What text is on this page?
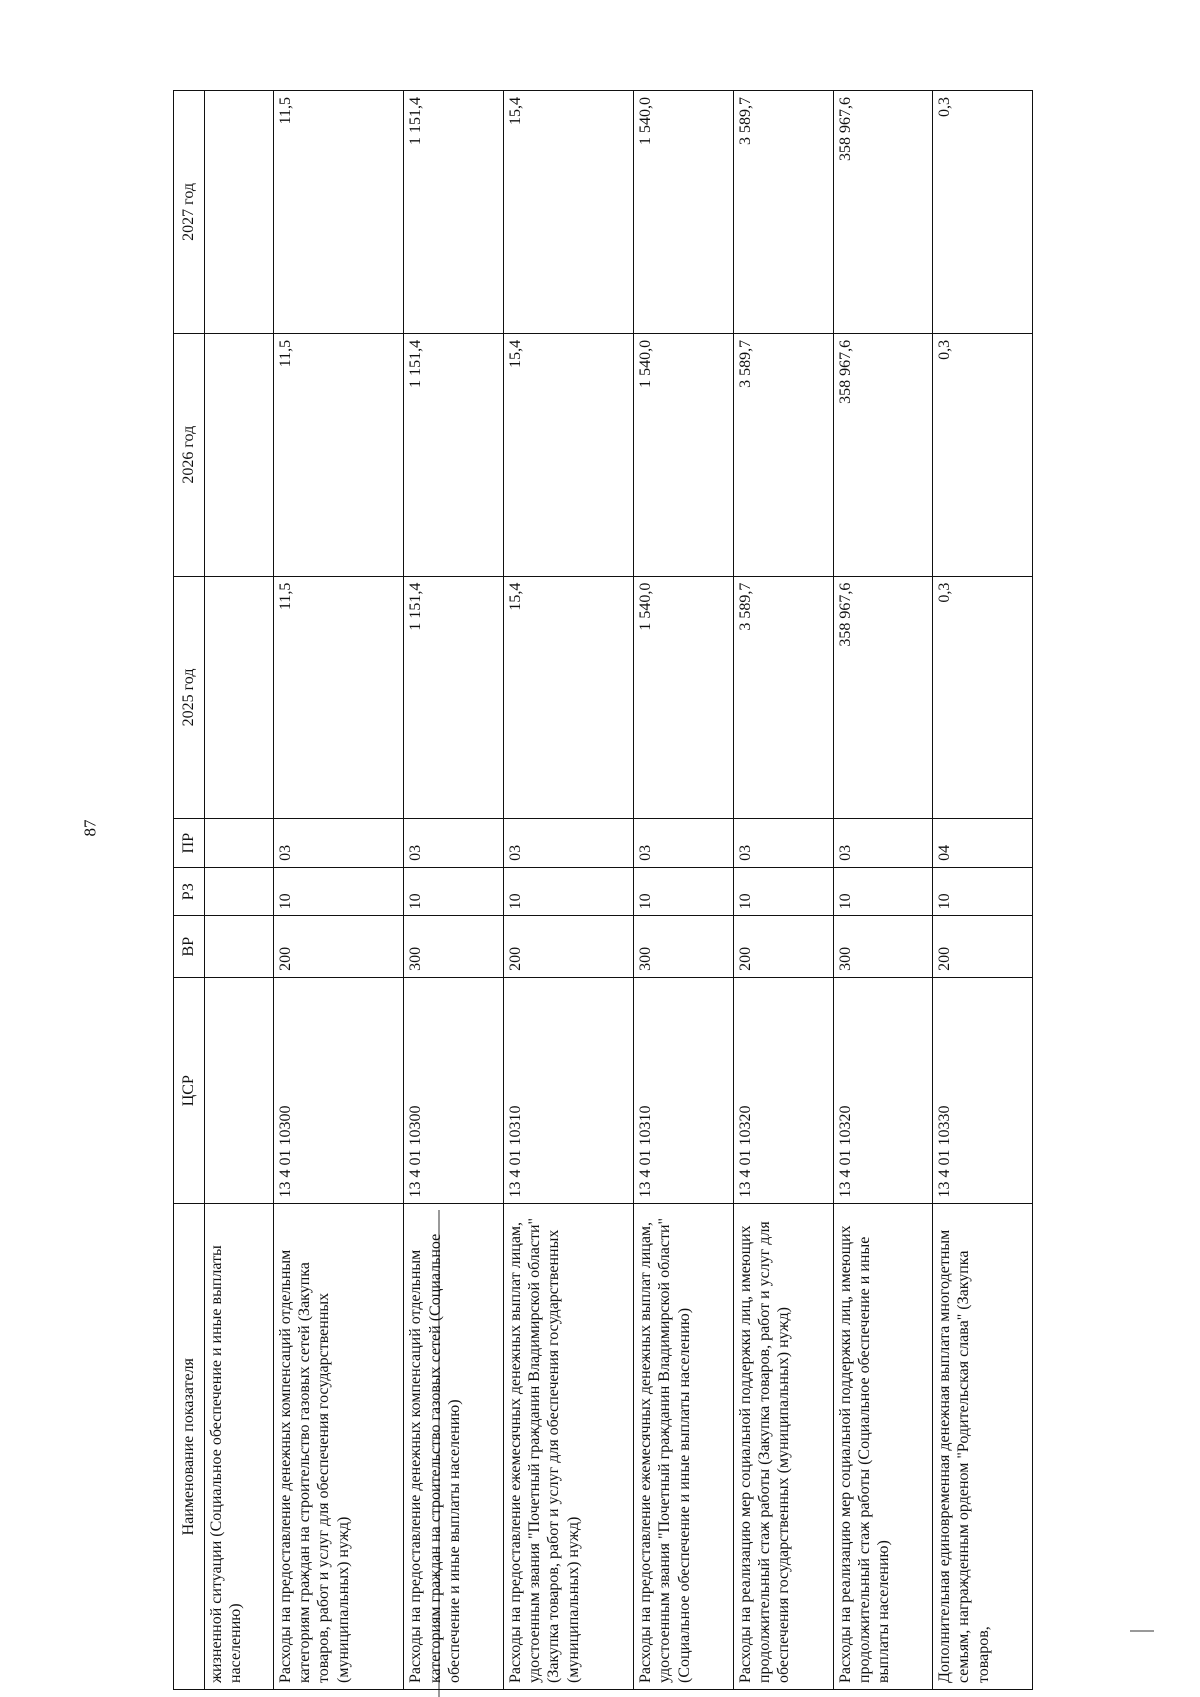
87
Наименование показателя	ЦСР	ВР	РЗ	ПР	2025 год	2026 год	2027 год
жизненной ситуации (Социальное обеспечение и иные выплаты населению)							
Расходы на предоставление денежных компенсаций отдельным категориям граждан на строительство газовых сетей (Закупка товаров, работ и услуг для обеспечения государственных (муниципальных) нужд)	13 4 01 10300	200	10	03	11,5	11,5	11,5
Расходы на предоставление денежных компенсаций отдельным категориям граждан на строительство газовых сетей (Социальное обеспечение и иные выплаты населению)	13 4 01 10300	300	10	03	1 151,4	1 151,4	1 151,4
Расходы на предоставление ежемесячных денежных выплат лицам, удостоенным звания "Почетный гражданин Владимирской области" (Закупка товаров, работ и услуг для обеспечения государственных (муниципальных) нужд)	13 4 01 10310	200	10	03	15,4	15,4	15,4
Расходы на предоставление ежемесячных денежных выплат лицам, удостоенным звания "Почетный гражданин Владимирской области" (Социальное обеспечение и иные выплаты населению)	13 4 01 10310	300	10	03	1 540,0	1 540,0	1 540,0
Расходы на реализацию мер социальной поддержки лиц, имеющих продолжительный стаж работы (Закупка товаров, работ и услуг для обеспечения государственных (муниципальных) нужд)	13 4 01 10320	200	10	03	3 589,7	3 589,7	3 589,7
Расходы на реализацию мер социальной поддержки лиц, имеющих продолжительный стаж работы (Социальное обеспечение и иные выплаты населению)	13 4 01 10320	300	10	03	358 967,6	358 967,6	358 967,6
Дополнительная единовременная денежная выплата многодетным семьям, награжденным орденом "Родительская слава" (Закупка товаров,	13 4 01 10330	200	10	04	0,3	0,3	0,3
